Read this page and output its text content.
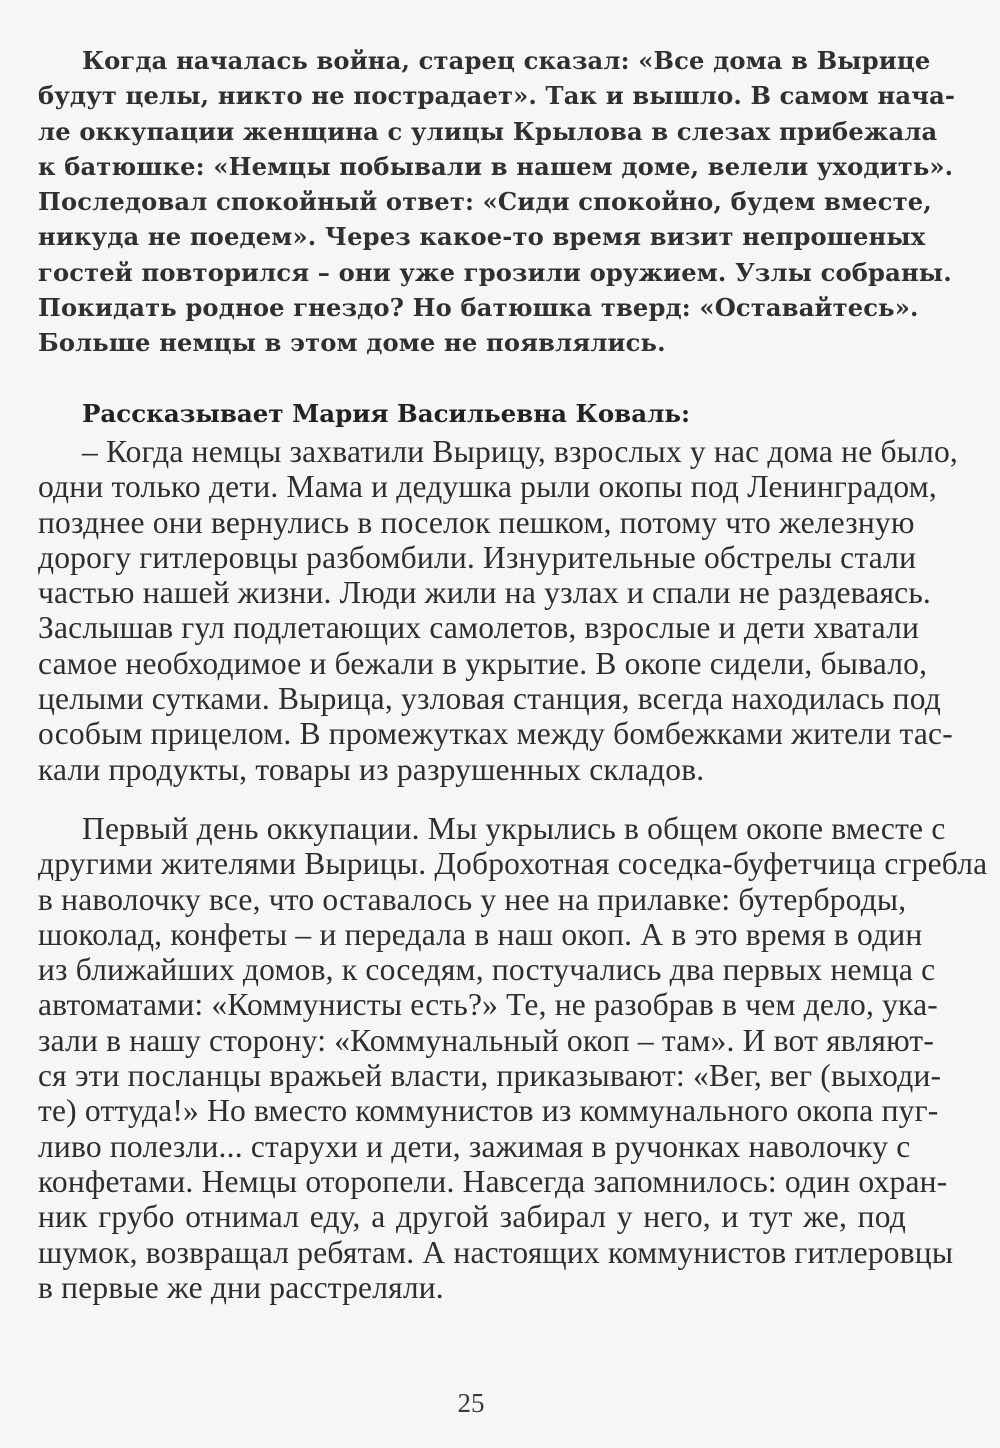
Когда началась война, старец сказал: «Все дома в Вырице
будут целы, никто не пострадает». Так и вышло. В самом нача-
ле оккупации женщина с улицы Крылова в слезах прибежала
к батюшке: «Немцы побывали в нашем доме, велели уходить».
Последовал спокойный ответ: «Сиди спокойно, будем вместе,
никуда не поедем». Через какое-то время визит непрошеных
гостей повторился – они уже грозили оружием. Узлы собраны.
Покидать родное гнездо? Но батюшка тверд: «Оставайтесь».
Больше немцы в этом доме не появлялись.
Рассказывает Мария Васильевна Коваль:
– Когда немцы захватили Вырицу, взрослых у нас дома не было,
одни только дети. Мама и дедушка рыли окопы под Ленинградом,
позднее они вернулись в поселок пешком, потому что железную
дорогу гитлеровцы разбомбили. Изнурительные обстрелы стали
частью нашей жизни. Люди жили на узлах и спали не раздеваясь.
Заслышав гул подлетающих самолетов, взрослые и дети хватали
самое необходимое и бежали в укрытие. В окопе сидели, бывало,
целыми сутками. Вырица, узловая станция, всегда находилась под
особым прицелом. В промежутках между бомбежками жители тас-
кали продукты, товары из разрушенных складов.
Первый день оккупации. Мы укрылись в общем окопе вместе с
другими жителями Вырицы. Доброхотная соседка-буфетчица сгребла
в наволочку все, что оставалось у нее на прилавке: бутерброды,
шоколад, конфеты – и передала в наш окоп. А в это время в один
из ближайших домов, к соседям, постучались два первых немца с
автоматами: «Коммунисты есть?» Те, не разобрав в чем дело, ука-
зали в нашу сторону: «Коммунальный окоп – там». И вот являют-
ся эти посланцы вражьей власти, приказывают: «Вег, вег (выходи-
те) оттуда!» Но вместо коммунистов из коммунального окопа пуг-
ливо полезли... старухи и дети, зажимая в ручонках наволочку с
конфетами. Немцы оторопели. Навсегда запомнилось: один охран-
ник грубо отнимал еду, а другой забирал у него, и тут же, под
шумок, возвращал ребятам. А настоящих коммунистов гитлеровцы
в первые же дни расстреляли.
25
